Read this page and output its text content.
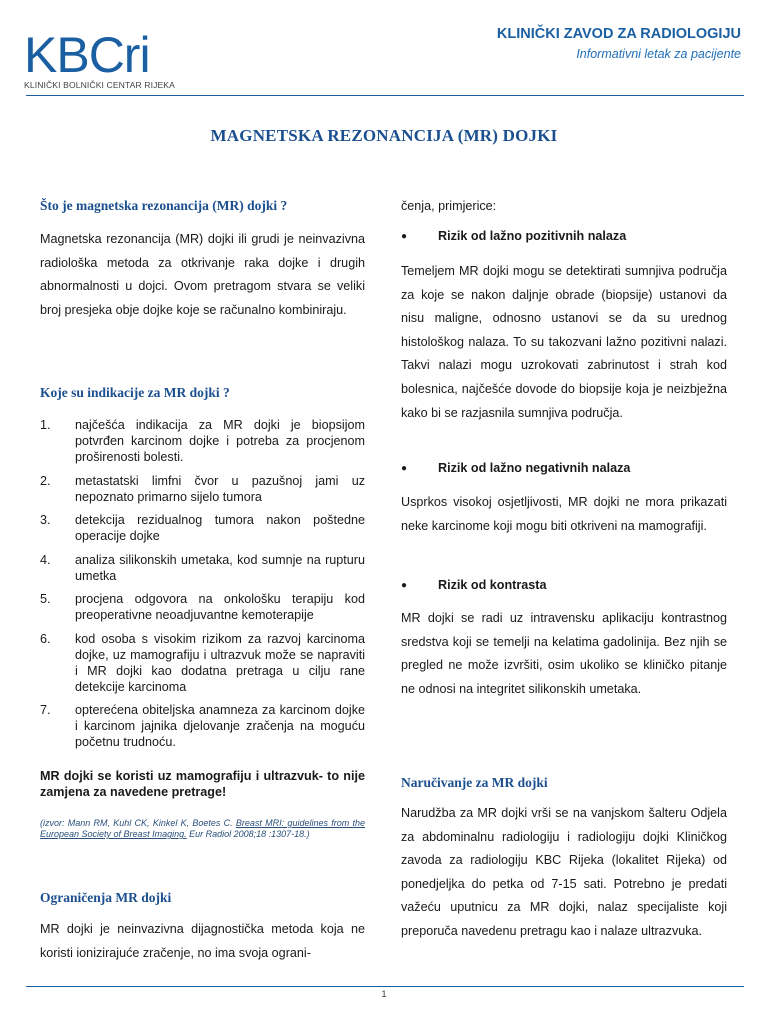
KBCri
KLINIČKI BOLNIČKI CENTAR RIJEKA
KLINIČKI ZAVOD ZA RADIOLOGIJU
Informativni letak za pacijente
MAGNETSKA REZONANCIJA (MR) DOJKI
Što je magnetska rezonancija (MR) dojki ?

Magnetska rezonancija (MR) dojki ili grudi je neinvazivna radiološka metoda za otkrivanje raka dojke i drugih abnormalnosti u dojci. Ovom pretragom stvara se veliki broj presjeka obje dojke koje se računalno kombiniraju.

Koje su indikacije za MR dojki ?
1.	najčešća indikacija za MR dojki je biopsijom potvrđen karcinom dojke i potreba za procjenom proširenosti bolesti.
2.	metastatski limfni čvor u pazušnoj jami uz nepoznato primarno sijelo tumora
3.	detekcija rezidualnog tumora nakon poštedne operacije dojke
4.	analiza silikonskih umetaka, kod sumnje na rupturu umetka
5.	procjena odgovora na onkološku terapiju kod preoperativne neoadjuvantne kemoterapije
6.	kod osoba s visokim rizikom za razvoj karcinoma dojke, uz mamografiju i ultrazvuk može se napraviti i MR dojki kao dodatna pretraga u cilju rane detekcije karcinoma
7.	opterećena obiteljska anamneza za karcinom dojke i karcinom jajnika djelovanje zračenja na moguću početnu trudnoću.
MR dojki se koristi uz mamografiju i ultrazvuk- to nije zamjena za navedene pretrage!
(izvor: Mann RM, Kuhl CK, Kinkel K, Boetes C. Breast MRI: guidelines from the European Society of Breast Imaging. Eur Radiol 2008;18 :1307-18.)
Ograničenja MR dojki

MR dojki je neinvazivna dijagnostička metoda koja ne koristi ionizirajuće zračenje, no ima svoja ograni-

čenja, primjerice:

● Rizik od lažno pozitivnih nalaza

Temeljem MR dojki mogu se detektirati sumnjiva područja za koje se nakon daljnje obrade (biopsije) ustanovi da nisu maligne, odnosno ustanovi se da su urednog histološkog nalaza. To su takozvani lažno pozitivni nalazi. Takvi nalazi mogu uzrokovati zabrinutost i strah kod bolesnica, najčešće dovode do biopsije koja je neizbježna kako bi se razjasnila sumnjiva područja.

● Rizik od lažno negativnih nalaza

Usprkos visokoj osjetljivosti, MR dojki ne mora prikazati neke karcinome koji mogu biti otkriveni na mamografiji.

● Rizik od kontrasta

MR dojki se radi uz intravensku aplikaciju kontrastnog sredstva koji se temelji na kelatima gadolinija. Bez njih se pregled ne može izvršiti, osim ukoliko se kliničko pitanje ne odnosi na integritet silikonskih umetaka.

Naručivanje za MR dojki

Narudžba za MR dojki vrši se na vanjskom šalteru Odjela za abdominalnu radiologiju i radiologiju dojki Kliničkog zavoda za radiologiju KBC Rijeka (lokalitet Rijeka) od ponedjeljka do petka od 7-15 sati. Potrebno je predati važeću uputnicu za MR dojki, nalaz specijaliste koji preporuča navedenu pretragu kao i nalaze ultrazvuka.

1
